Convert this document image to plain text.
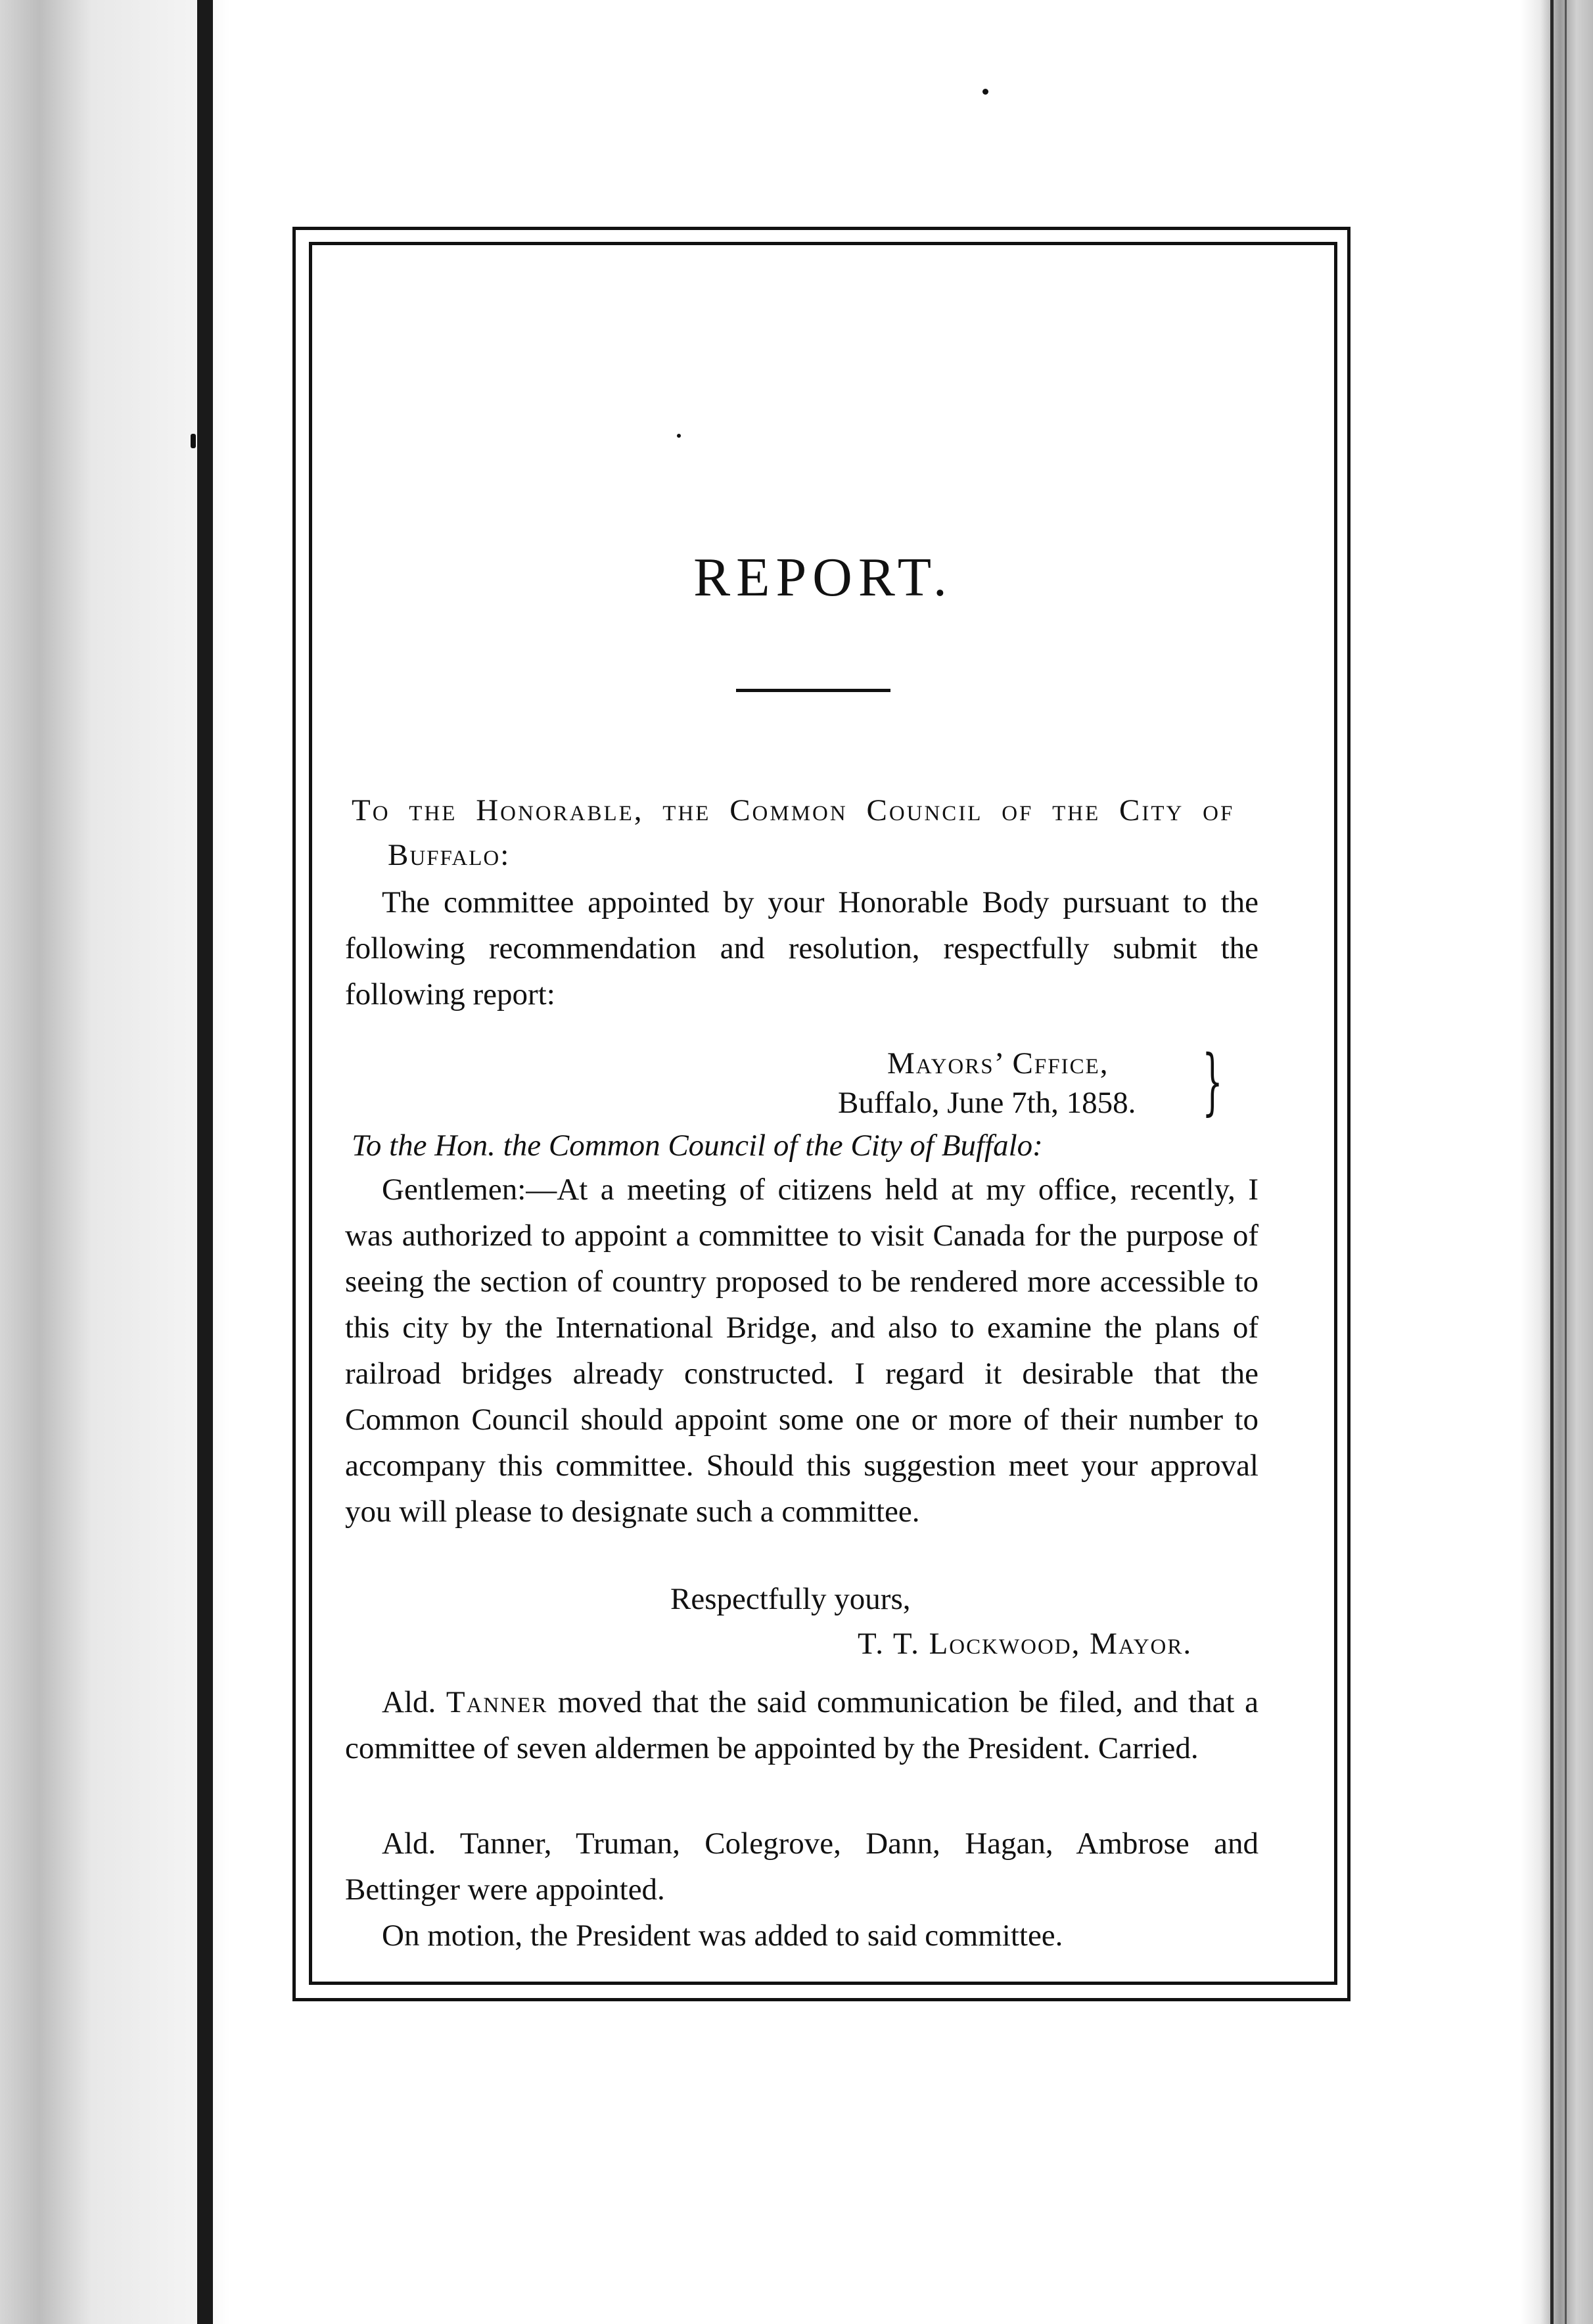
REPORT.
To the Honorable, the Common Council of the City of
Buffalo:

The committee appointed by your Honorable Body pursuant to the following recommendation and resolution, respectfully submit the following report:

Mayors’ Cffice,
Buffalo, June 7th, 1858. }
To the Hon. the Common Council of the City of Buffalo:

Gentlemen:—At a meeting of citizens held at my office, recently, I was authorized to appoint a committee to visit Canada for the purpose of seeing the section of country proposed to be rendered more accessible to this city by the International Bridge, and also to examine the plans of railroad bridges already constructed. I regard it desirable that the Common Council should appoint some one or more of their number to accompany this committee. Should this suggestion meet your approval you will please to designate such a committee.

Respectfully yours,
T. T. Lockwood, Mayor.

Ald. Tanner moved that the said communication be filed, and that a committee of seven aldermen be appointed by the President. Carried.

Ald. Tanner, Truman, Colegrove, Dann, Hagan, Ambrose and Bettinger were appointed.

On motion, the President was added to said committee.
